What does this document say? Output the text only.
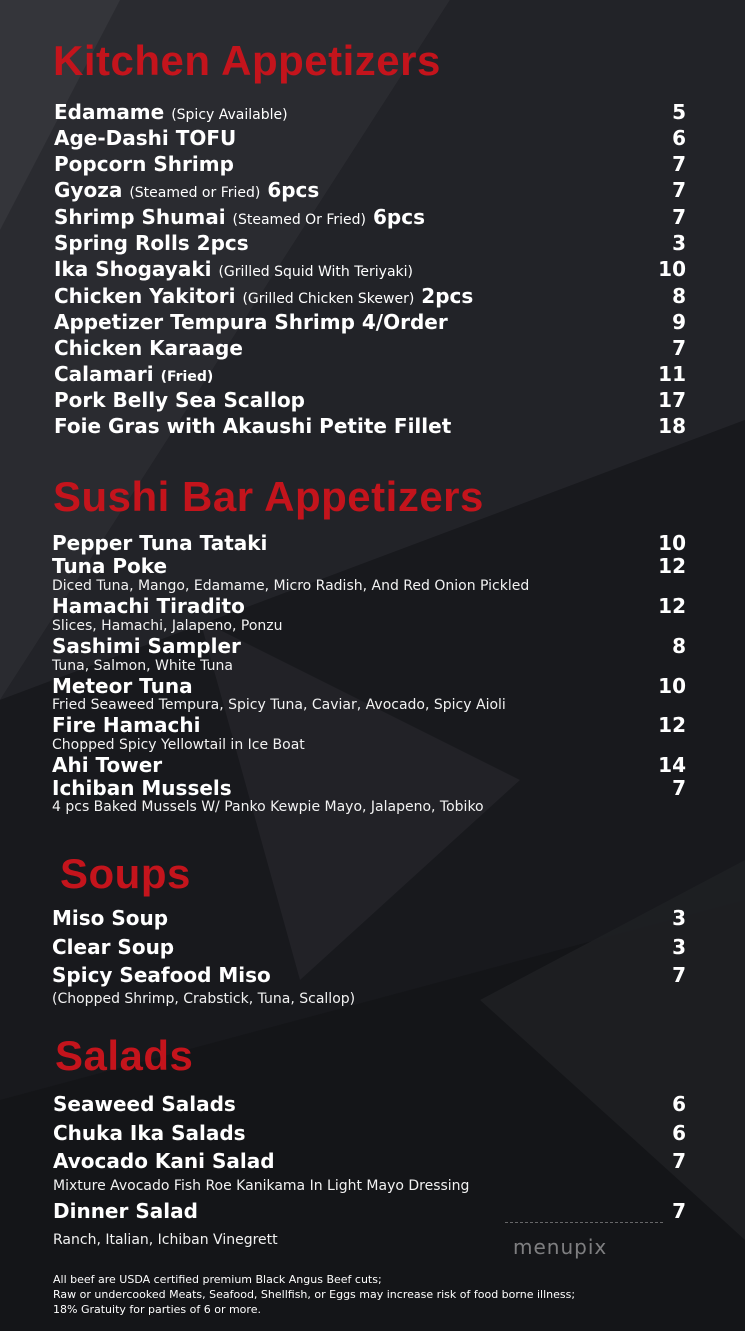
Kitchen Appetizers
Edamame (Spicy Available)	5
Age-Dashi TOFU	6
Popcorn Shrimp	7
Gyoza (Steamed or Fried) 6pcs	7
Shrimp Shumai (Steamed Or Fried) 6pcs	7
Spring Rolls 2pcs	3
Ika Shogayaki (Grilled Squid With Teriyaki)	10
Chicken Yakitori (Grilled Chicken Skewer) 2pcs	8
Appetizer Tempura Shrimp 4/Order	9
Chicken Karaage	7
Calamari (Fried)	11
Pork Belly Sea Scallop	17
Foie Gras with Akaushi Petite Fillet	18
Sushi Bar Appetizers
Pepper Tuna Tataki	10
Tuna Poke	12
Diced Tuna, Mango, Edamame, Micro Radish, And Red Onion Pickled
Hamachi Tiradito	12
Slices, Hamachi, Jalapeno, Ponzu
Sashimi Sampler	8
Tuna, Salmon, White Tuna
Meteor Tuna	10
Fried Seaweed Tempura, Spicy Tuna, Caviar, Avocado, Spicy Aioli
Fire Hamachi	12
Chopped Spicy Yellowtail in Ice Boat
Ahi Tower	14
Ichiban Mussels	7
4 pcs Baked Mussels W/ Panko Kewpie Mayo, Jalapeno, Tobiko
Soups
Miso Soup	3
Clear Soup	3
Spicy Seafood Miso	7
(Chopped Shrimp, Crabstick, Tuna, Scallop)
Salads
Seaweed Salads	6
Chuka Ika Salads	6
Avocado Kani Salad	7
Mixture Avocado Fish Roe Kanikama In Light Mayo Dressing
Dinner Salad	7
Ranch, Italian, Ichiban Vinegrett	menupix
All beef are USDA certified premium Black Angus Beef cuts;
Raw or undercooked Meats, Seafood, Shellfish, or Eggs may increase risk of food borne illness;
18% Gratuity for parties of 6 or more.
